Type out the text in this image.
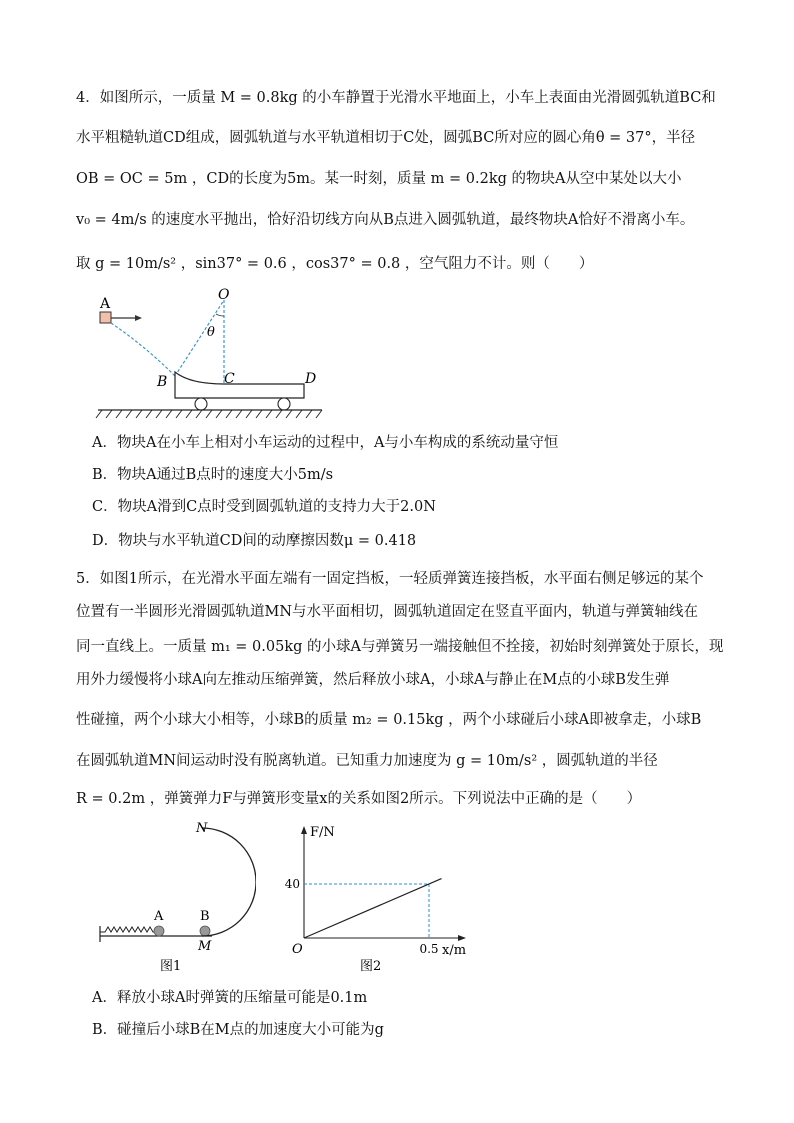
4．如图所示，一质量 M = 0.8kg 的小车静置于光滑水平地面上，小车上表面由光滑圆弧轨道BC和
水平粗糙轨道CD组成，圆弧轨道与水平轨道相切于C处，圆弧BC所对应的圆心角θ = 37°，半径
OB = OC = 5m ，CD的长度为5m。某一时刻，质量 m = 0.2kg 的物块A从空中某处以大小
v₀ = 4m/s 的速度水平抛出，恰好沿切线方向从B点进入圆弧轨道，最终物块A恰好不滑离小车。
取 g = 10m/s² ，sin37° = 0.6 ，cos37° = 0.8 ，空气阻力不计。则（　　）
A
O
θ
B	C	D
A．物块A在小车上相对小车运动的过程中，A与小车构成的系统动量守恒
B．物块A通过B点时的速度大小5m/s
C．物块A滑到C点时受到圆弧轨道的支持力大于2.0N
D．物块与水平轨道CD间的动摩擦因数μ = 0.418
5．如图1所示，在光滑水平面左端有一固定挡板，一轻质弹簧连接挡板，水平面右侧足够远的某个
位置有一半圆形光滑圆弧轨道MN与水平面相切，圆弧轨道固定在竖直平面内，轨道与弹簧轴线在
同一直线上。一质量 m₁ = 0.05kg 的小球A与弹簧另一端接触但不拴接，初始时刻弹簧处于原长，现
用外力缓慢将小球A向左推动压缩弹簧，然后释放小球A，小球A与静止在M点的小球B发生弹
性碰撞，两个小球大小相等，小球B的质量 m₂ = 0.15kg ，两个小球碰后小球A即被拿走，小球B
在圆弧轨道MN间运动时没有脱离轨道。已知重力加速度为 g = 10m/s² ，圆弧轨道的半径
R = 0.2m ，弹簧弹力F与弹簧形变量x的关系如图2所示。下列说法中正确的是（　　）
N
A	B
M
图1
F/N
x/m
O
40
0.5
图2
A．释放小球A时弹簧的压缩量可能是0.1m
B．碰撞后小球B在M点的加速度大小可能为g
